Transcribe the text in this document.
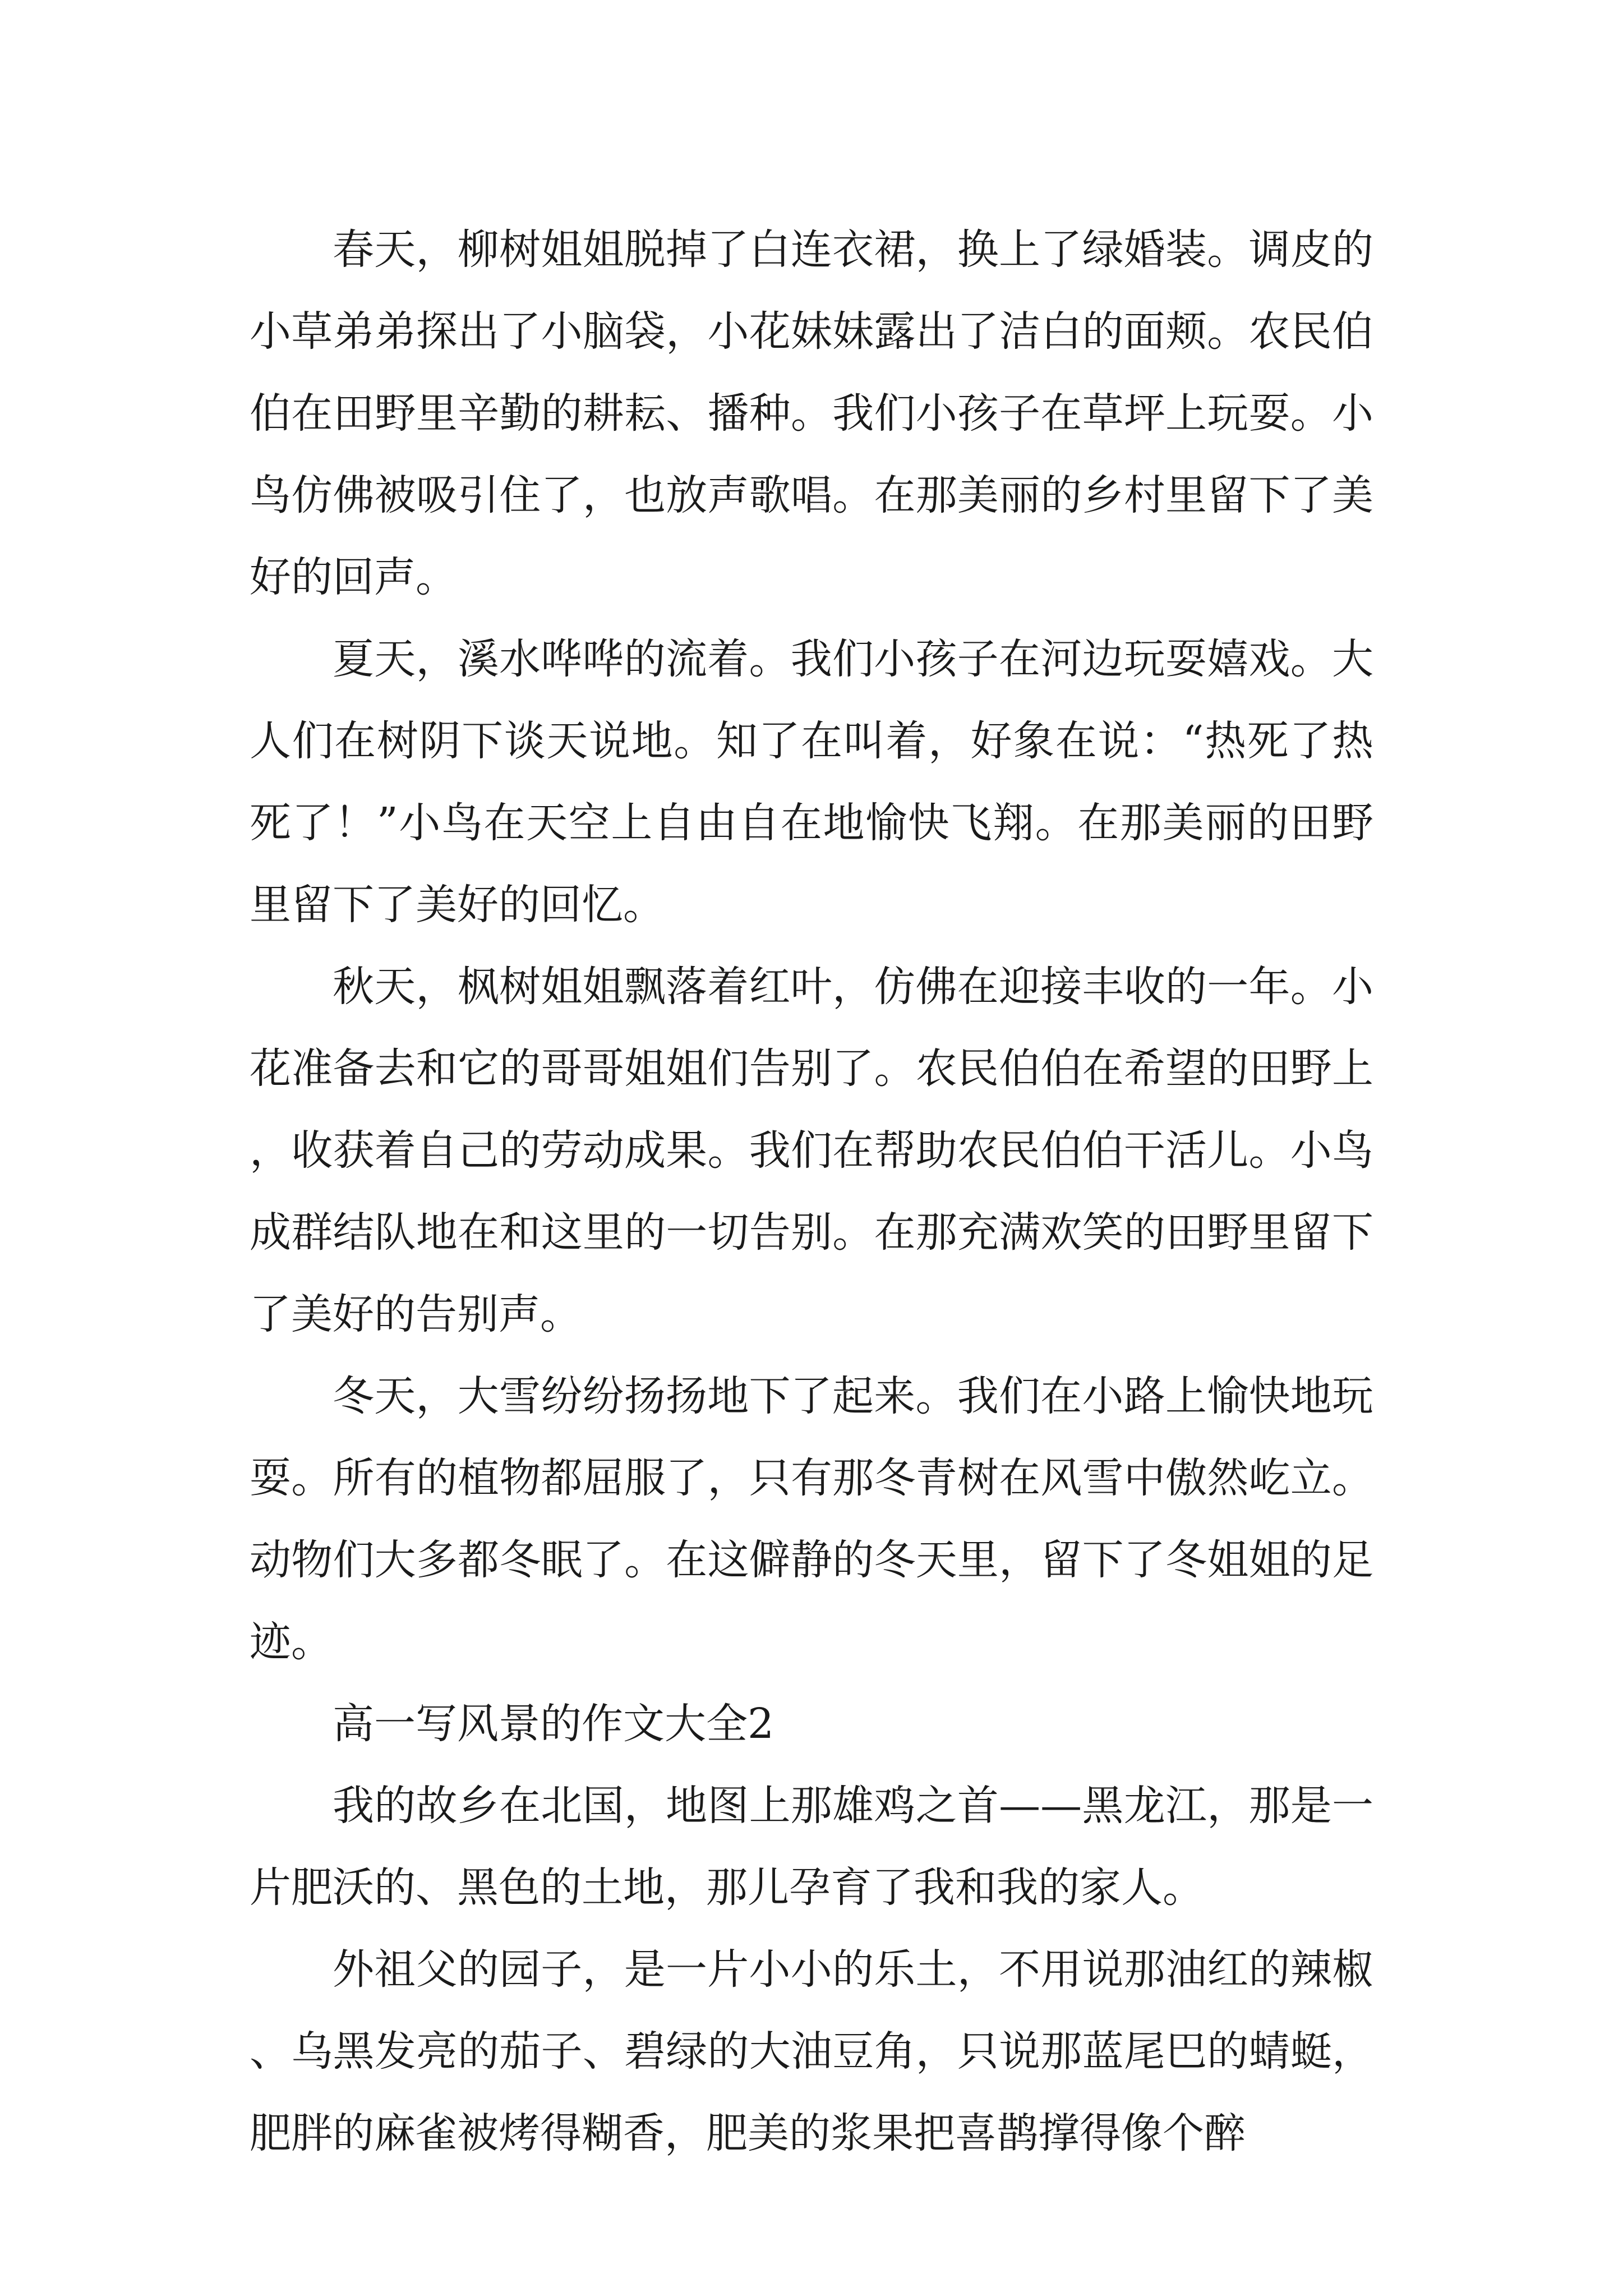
春天，柳树姐姐脱掉了白连衣裙，换上了绿婚装。调皮的小草弟弟探出了小脑袋，小花妹妹露出了洁白的面颊。农民伯伯在田野里辛勤的耕耘、播种。我们小孩子在草坪上玩耍。小鸟仿佛被吸引住了，也放声歌唱。在那美丽的乡村里留下了美好的回声。

夏天，溪水哗哗的流着。我们小孩子在河边玩耍嬉戏。大人们在树阴下谈天说地。知了在叫着，好象在说：“热死了热死了！”小鸟在天空上自由自在地愉快飞翔。在那美丽的田野里留下了美好的回忆。

秋天，枫树姐姐飘落着红叶，仿佛在迎接丰收的一年。小花准备去和它的哥哥姐姐们告别了。农民伯伯在希望的田野上，收获着自己的劳动成果。我们在帮助农民伯伯干活儿。小鸟成群结队地在和这里的一切告别。在那充满欢笑的田野里留下了美好的告别声。

冬天，大雪纷纷扬扬地下了起来。我们在小路上愉快地玩耍。所有的植物都屈服了，只有那冬青树在风雪中傲然屹立。动物们大多都冬眠了。在这僻静的冬天里，留下了冬姐姐的足迹。

高一写风景的作文大全2

我的故乡在北国，地图上那雄鸡之首——黑龙江，那是一片肥沃的、黑色的土地，那儿孕育了我和我的家人。

外祖父的园子，是一片小小的乐土，不用说那油红的辣椒、乌黑发亮的茄子、碧绿的大油豆角，只说那蓝尾巴的蜻蜓，肥胖的麻雀被烤得糊香，肥美的浆果把喜鹊撑得像个醉
